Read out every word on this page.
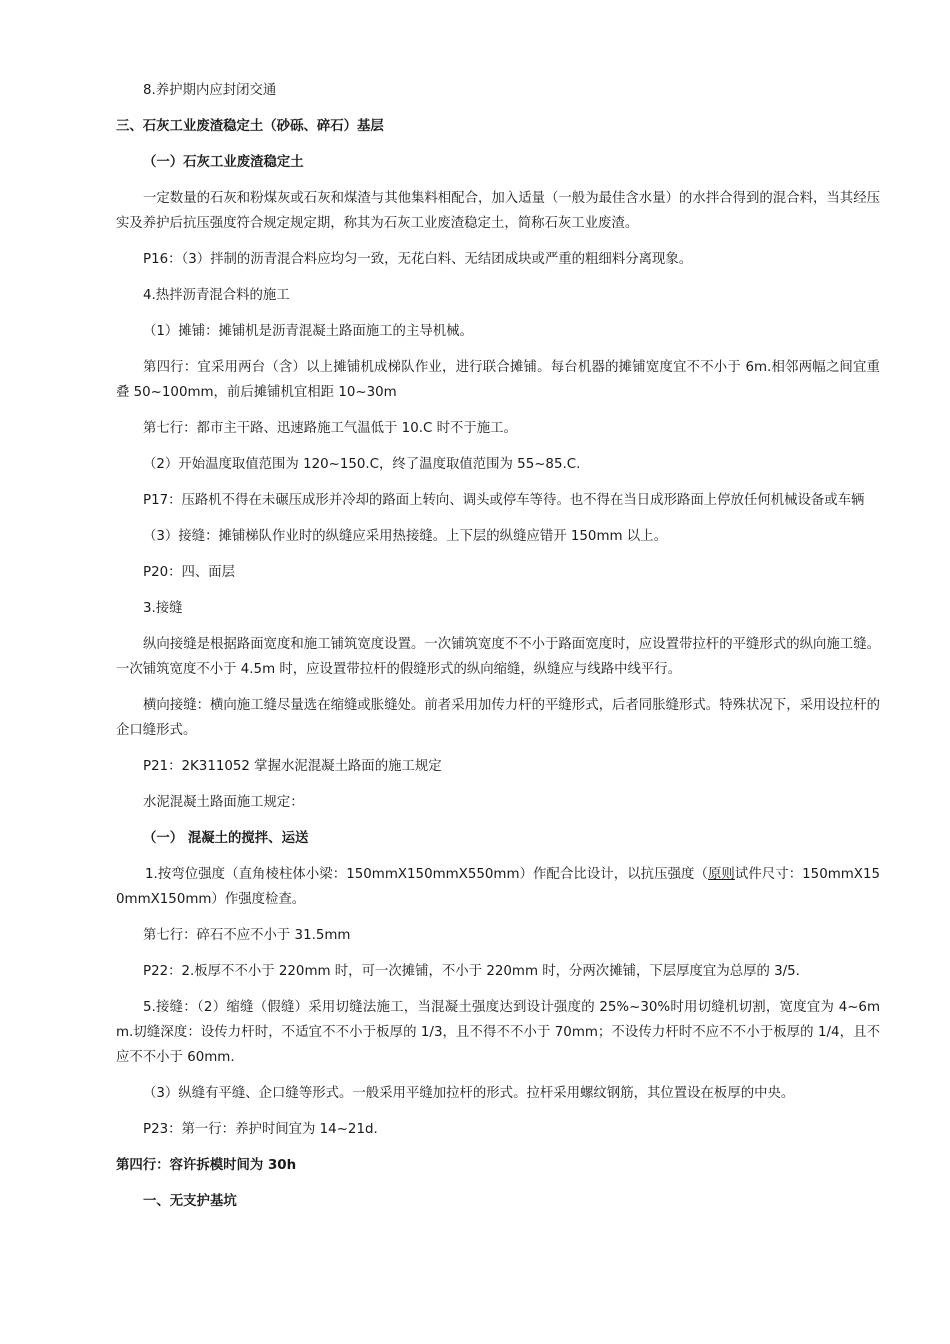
8.养护期内应封闭交通

三、石灰工业废渣稳定土（砂砾、碎石）基层

（一）石灰工业废渣稳定土

一定数量的石灰和粉煤灰或石灰和煤渣与其他集料相配合，加入适量（一般为最佳含水量）的水拌合得到的混合料，当其经压实及养护后抗压强度符合规定规定期，称其为石灰工业废渣稳定土，简称石灰工业废渣。

P16：（3）拌制的沥青混合料应均匀一致，无花白料、无结团成块或严重的粗细料分离现象。

4.热拌沥青混合料的施工

（1）摊铺：摊铺机是沥青混凝土路面施工的主导机械。

第四行：宜采用两台（含）以上摊铺机成梯队作业，进行联合摊铺。每台机器的摊铺宽度宜不不小于 6m.相邻两幅之间宜重叠 50~100mm，前后摊铺机宜相距 10~30m

第七行：都市主干路、迅速路施工气温低于 10.C 时不于施工。

（2）开始温度取值范围为 120~150.C，终了温度取值范围为 55~85.C.

P17：压路机不得在未碾压成形并冷却的路面上转向、调头或停车等待。也不得在当日成形路面上停放任何机械设备或车辆

（3）接缝：摊铺梯队作业时的纵缝应采用热接缝。上下层的纵缝应错开 150mm 以上。

P20：四、面层

3.接缝

纵向接缝是根据路面宽度和施工铺筑宽度设置。一次铺筑宽度不不小于路面宽度时，应设置带拉杆的平缝形式的纵向施工缝。一次铺筑宽度不小于 4.5m 时，应设置带拉杆的假缝形式的纵向缩缝，纵缝应与线路中线平行。

横向接缝：横向施工缝尽量选在缩缝或胀缝处。前者采用加传力杆的平缝形式，后者同胀缝形式。特殊状况下，采用设拉杆的企口缝形式。

P21：2K311052 掌握水泥混凝土路面的施工规定

水泥混凝土路面施工规定：

（一） 混凝土的搅拌、运送

1.按弯位强度（直角棱柱体小梁：150mmX150mmX550mm）作配合比设计，以抗压强度（原则试件尺寸：150mmX150mmX150mm）作强度检查。

第七行：碎石不应不小于 31.5mm

P22：2.板厚不不小于 220mm 时，可一次摊铺，不小于 220mm 时，分两次摊铺，下层厚度宜为总厚的 3/5.

5.接缝：（2）缩缝（假缝）采用切缝法施工，当混凝土强度达到设计强度的 25%~30%时用切缝机切割，宽度宜为 4~6mm.切缝深度：设传力杆时，不适宜不不小于板厚的 1/3，且不得不不小于 70mm；不设传力杆时不应不不小于板厚的 1/4，且不应不不小于 60mm.

（3）纵缝有平缝、企口缝等形式。一般采用平缝加拉杆的形式。拉杆采用螺纹钢筋，其位置设在板厚的中央。

P23：第一行：养护时间宜为 14~21d.

第四行：容许拆模时间为 30h

一、无支护基坑
